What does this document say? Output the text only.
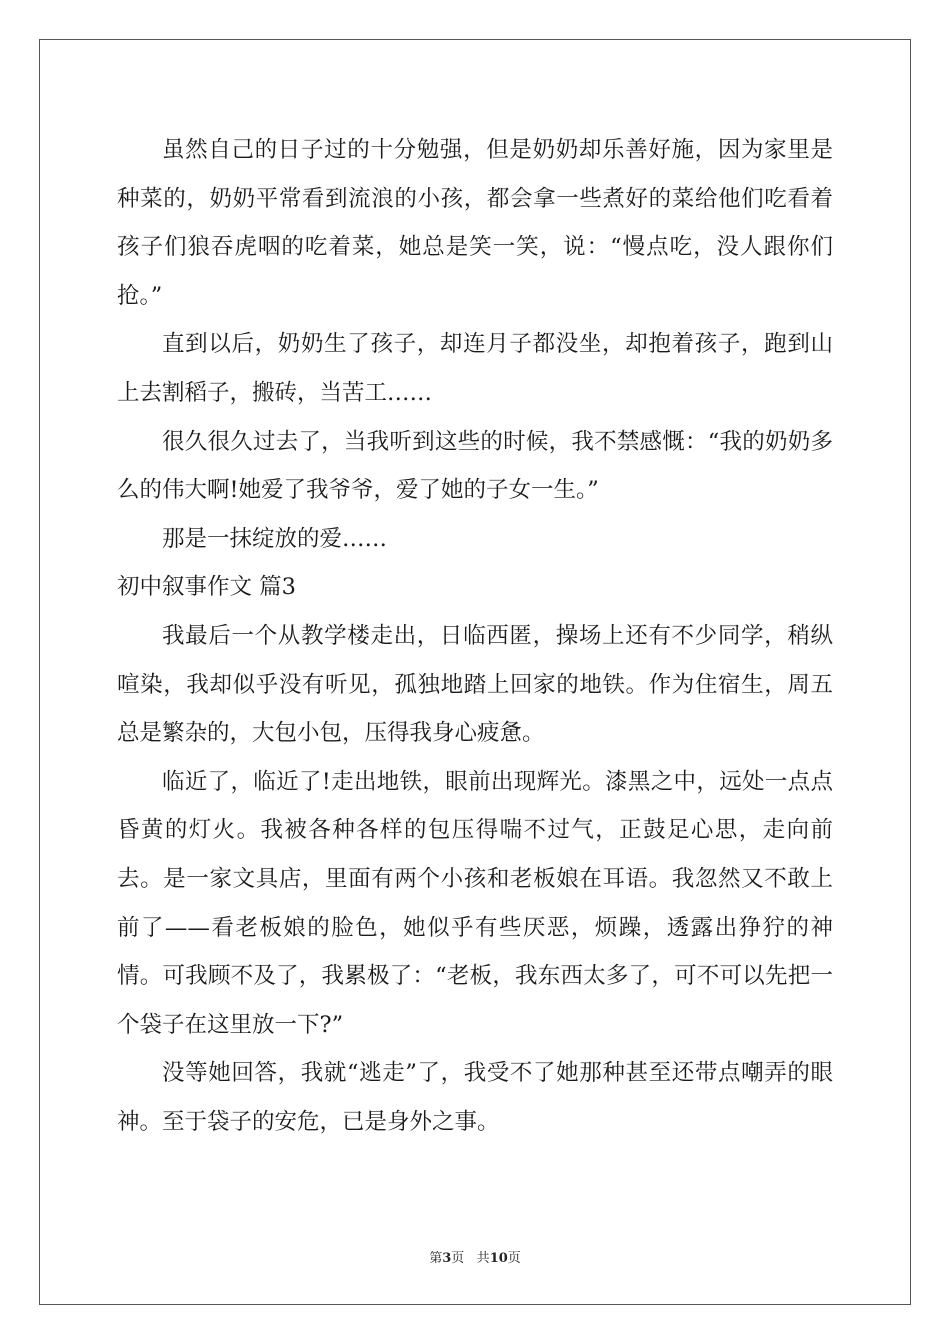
虽然自己的日子过的十分勉强，但是奶奶却乐善好施，因为家里是种菜的，奶奶平常看到流浪的小孩，都会拿一些煮好的菜给他们吃看着孩子们狼吞虎咽的吃着菜，她总是笑一笑，说：“慢点吃，没人跟你们抢。”

直到以后，奶奶生了孩子，却连月子都没坐，却抱着孩子，跑到山上去割稻子，搬砖，当苦工……

很久很久过去了，当我听到这些的时候，我不禁感慨：“我的奶奶多么的伟大啊!她爱了我爷爷，爱了她的子女一生。”

那是一抹绽放的爱……

初中叙事作文 篇3

我最后一个从教学楼走出，日临西匿，操场上还有不少同学，稍纵喧染，我却似乎没有听见，孤独地踏上回家的地铁。作为住宿生，周五总是繁杂的，大包小包，压得我身心疲惫。

临近了，临近了!走出地铁，眼前出现辉光。漆黑之中，远处一点点昏黄的灯火。我被各种各样的包压得喘不过气，正鼓足心思，走向前去。是一家文具店，里面有两个小孩和老板娘在耳语。我忽然又不敢上前了——看老板娘的脸色，她似乎有些厌恶，烦躁，透露出狰狞的神情。可我顾不及了，我累极了：“老板，我东西太多了，可不可以先把一个袋子在这里放一下?”

没等她回答，我就“逃走”了，我受不了她那种甚至还带点嘲弄的眼神。至于袋子的安危，已是身外之事。

第3页 共10页
